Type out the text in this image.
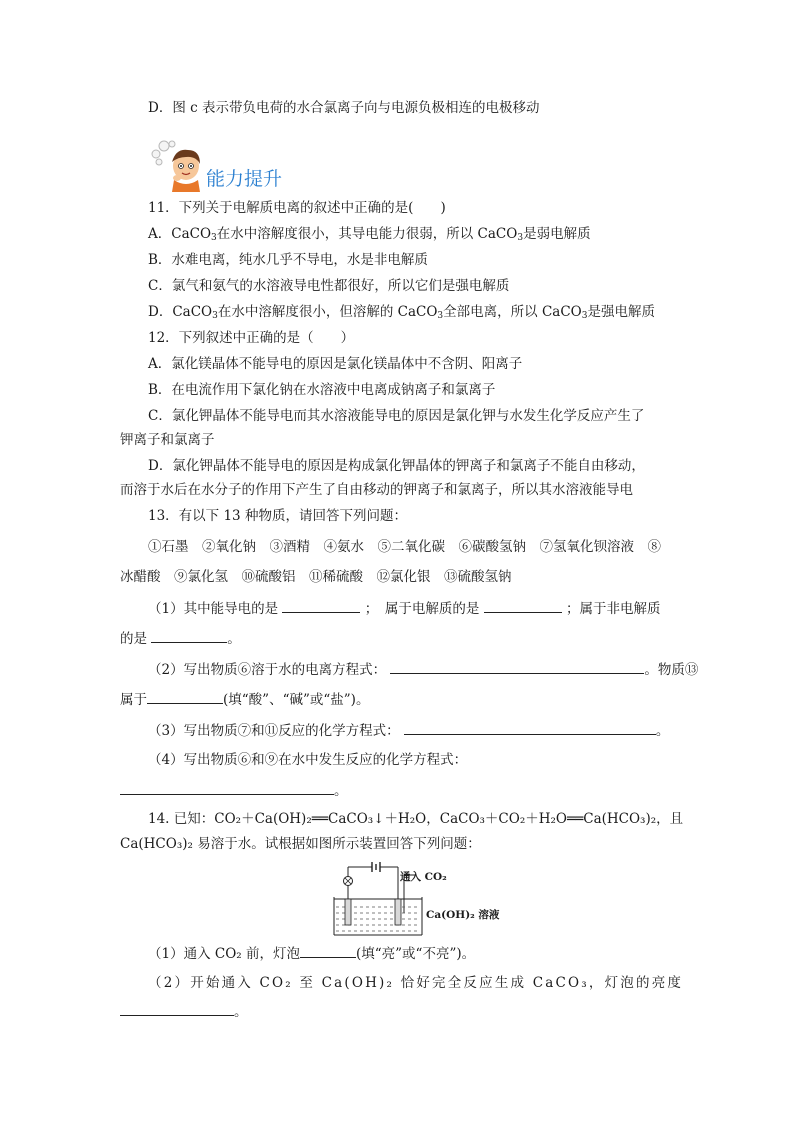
D．图 c 表示带负电荷的水合氯离子向与电源负极相连的电极移动
能力提升
11．下列关于电解质电离的叙述中正确的是(　　)
A．CaCO$_3$在水中溶解度很小，其导电能力很弱，所以 CaCO$_3$是弱电解质
B．水难电离，纯水几乎不导电，水是非电解质
C．氯气和氨气的水溶液导电性都很好，所以它们是强电解质
D．CaCO$_3$在水中溶解度很小，但溶解的 CaCO$_3$全部电离，所以 CaCO$_3$是强电解质
12．下列叙述中正确的是（　　）
A．氯化镁晶体不能导电的原因是氯化镁晶体中不含阴、阳离子
B．在电流作用下氯化钠在水溶液中电离成钠离子和氯离子
C．氯化钾晶体不能导电而其水溶液能导电的原因是氯化钾与水发生化学反应产生了
钾离子和氯离子
D．氯化钾晶体不能导电的原因是构成氯化钾晶体的钾离子和氯离子不能自由移动，
而溶于水后在水分子的作用下产生了自由移动的钾离子和氯离子，所以其水溶液能导电
13．有以下 13 种物质，请回答下列问题：
①石墨　②氧化钠　③酒精　④氨水　⑤二氧化碳　⑥碳酸氢钠　⑦氢氧化钡溶液　⑧
冰醋酸　⑨氯化氢　⑩硫酸铝　⑪稀硫酸　⑫氯化银　⑬硫酸氢钠
（1）其中能导电的是	；　属于电解质的是	；属于非电解质
的是	。
（2）写出物质⑥溶于水的电离方程式：	。物质⑬
属于	(填“酸”、“碱”或“盐”)。
（3）写出物质⑦和⑪反应的化学方程式：	。
（4）写出物质⑥和⑨在水中发生反应的化学方程式：
。
14. 已知：CO₂＋Ca(OH)₂══CaCO₃↓＋H₂O，CaCO₃＋CO₂＋H₂O══Ca(HCO₃)₂，且
Ca(HCO₃)₂ 易溶于水。试根据如图所示装置回答下列问题：
通入 CO₂
Ca(OH)₂ 溶液
（1）通入 CO₂ 前，灯泡	(填“亮”或“不亮”)。
（2）开始通入 CO₂ 至 Ca(OH)₂ 恰好完全反应生成 CaCO₃，灯泡的亮度
。
